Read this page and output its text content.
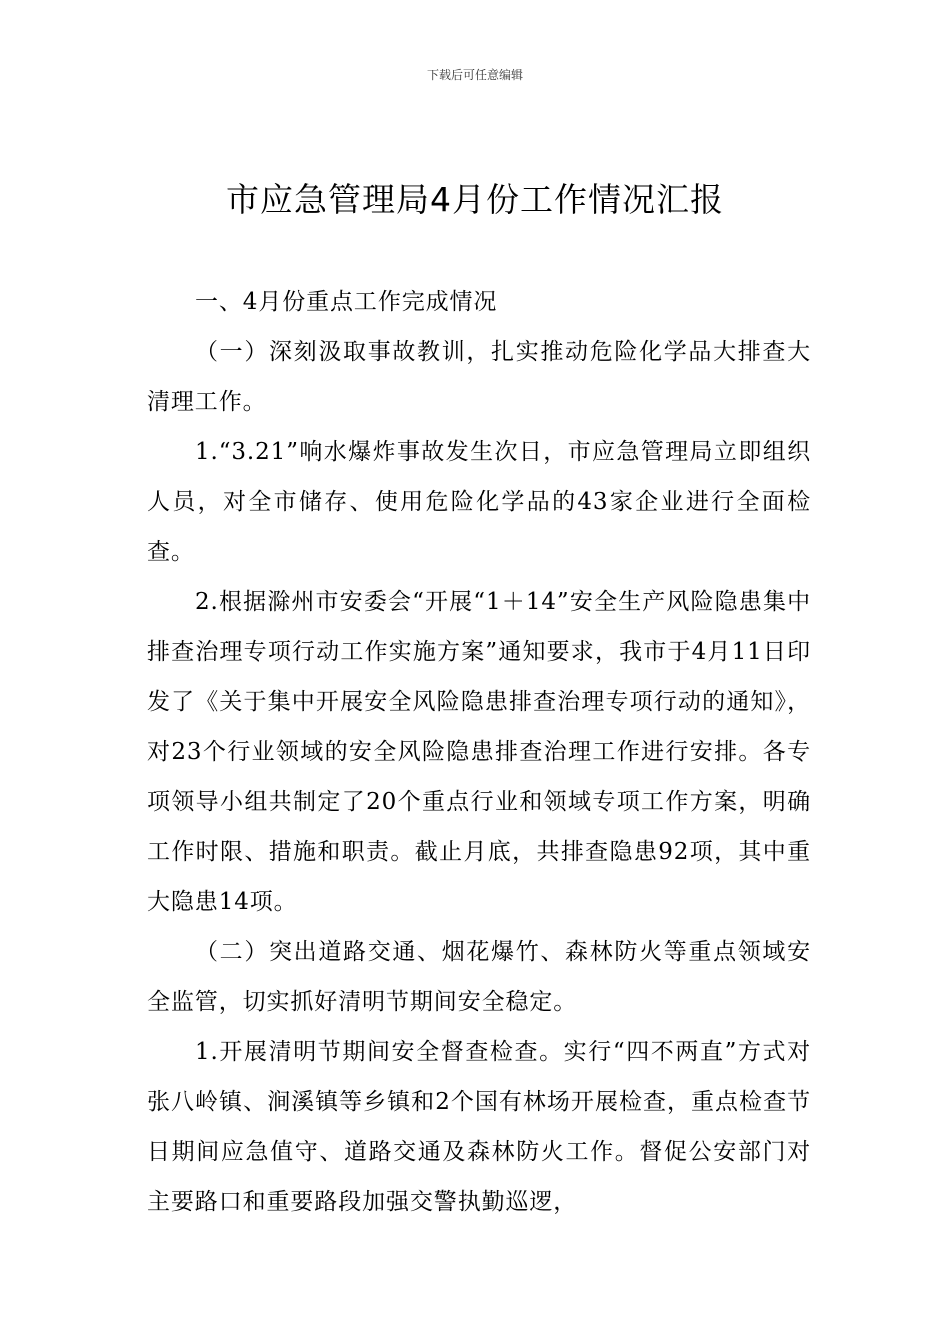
下载后可任意编辑
市应急管理局4月份工作情况汇报

一、4月份重点工作完成情况

（一）深刻汲取事故教训，扎实推动危险化学品大排查大清理工作。

1.“3.21”响水爆炸事故发生次日，市应急管理局立即组织人员，对全市储存、使用危险化学品的43家企业进行全面检查。

2.根据滁州市安委会“开展“1＋14”安全生产风险隐患集中排查治理专项行动工作实施方案”通知要求，我市于4月11日印发了《关于集中开展安全风险隐患排查治理专项行动的通知》，对23个行业领域的安全风险隐患排查治理工作进行安排。各专项领导小组共制定了20个重点行业和领域专项工作方案，明确工作时限、措施和职责。截止月底，共排查隐患92项，其中重大隐患14项。

（二）突出道路交通、烟花爆竹、森林防火等重点领域安全监管，切实抓好清明节期间安全稳定。

1.开展清明节期间安全督查检查。实行“四不两直”方式对张八岭镇、涧溪镇等乡镇和2个国有林场开展检查，重点检查节日期间应急值守、道路交通及森林防火工作。督促公安部门对主要路口和重要路段加强交警执勤巡逻，
